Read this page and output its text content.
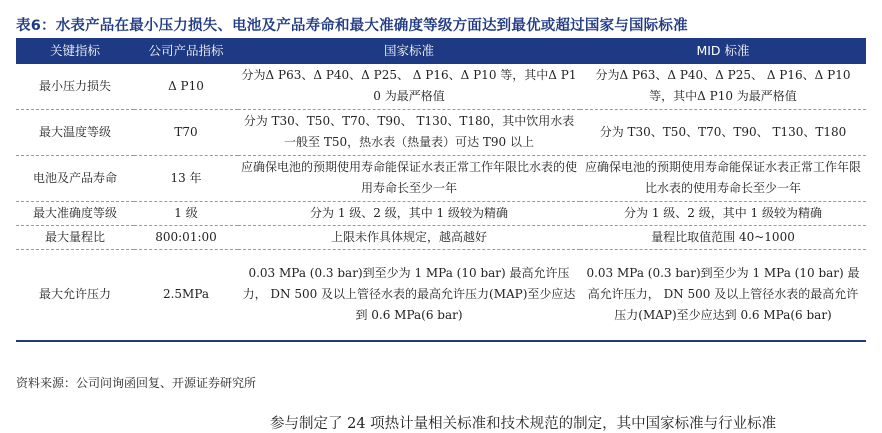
表6：水表产品在最小压力损失、电池及产品寿命和最大准确度等级方面达到最优或超过国家与国际标准
关键指标	公司产品指标	国家标准	MID 标准
最小压力损失	Δ P10	分为Δ P63、Δ P40、Δ P25、 Δ P16、Δ P10 等，其中Δ P10 为最严格值	分为Δ P63、Δ P40、Δ P25、 Δ P16、Δ P10 等，其中Δ P10 为最严格值
最大温度等级	T70	分为 T30、T50、T70、T90、 T130、T180，其中饮用水表一般至 T50，热水表（热量表）可达 T90 以上	分为 T30、T50、T70、T90、 T130、T180
电池及产品寿命	13 年	应确保电池的预期使用寿命能保证水表正常工作年限比水表的使用寿命长至少一年	应确保电池的预期使用寿命能保证水表正常工作年限比水表的使用寿命长至少一年
最大准确度等级	1 级	分为 1 级、2 级，其中 1 级较为精确	分为 1 级、2 级，其中 1 级较为精确
最大量程比	800:01:00	上限未作具体规定，越高越好	量程比取值范围 40~1000
最大允许压力	2.5MPa	0.03 MPa (0.3 bar)到至少为 1 MPa (10 bar) 最高允许压力， DN 500 及以上管径水表的最高允许压力(MAP)至少应达到 0.6 MPa(6 bar)	0.03 MPa (0.3 bar)到至少为 1 MPa (10 bar) 最高允许压力， DN 500 及以上管径水表的最高允许压力(MAP)至少应达到 0.6 MPa(6 bar)
资料来源：公司问询函回复、开源证券研究所
参与制定了 24 项热计量相关标准和技术规范的制定，其中国家标准与行业标准
